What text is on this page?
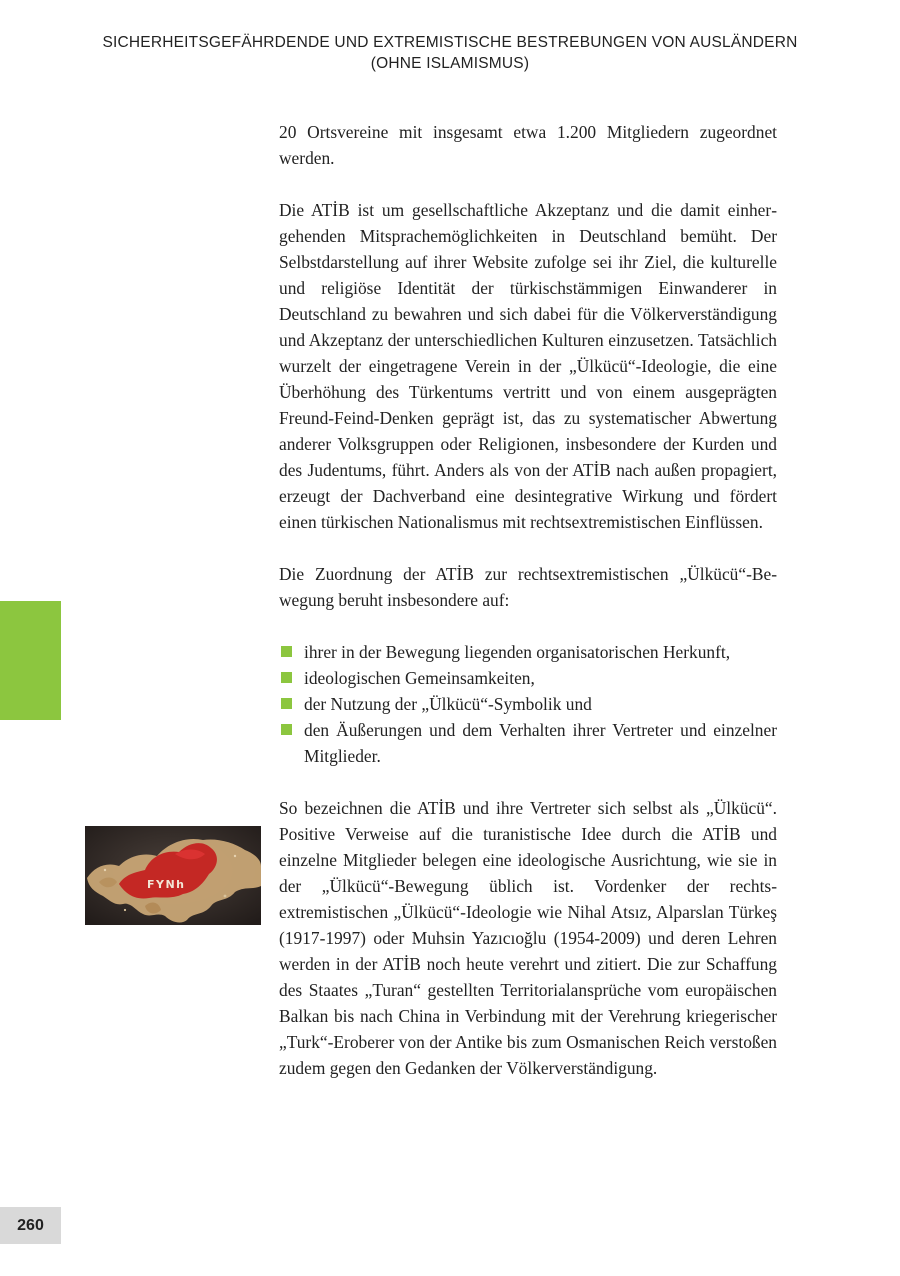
SICHERHEITSGEFÄHRDENDE UND EXTREMISTISCHE BESTREBUNGEN VON AUSLÄNDERN
(OHNE ISLAMISMUS)
FYNh

20 Ortsvereine mit insgesamt etwa 1.200 Mitgliedern zugeordnet werden.

Die ATİB ist um gesellschaftliche Akzeptanz und die damit einhergehenden Mitsprachemöglichkeiten in Deutschland bemüht. Der Selbstdarstellung auf ihrer Website zufolge sei ihr Ziel, die kulturelle und religiöse Identität der türkischstämmigen Einwanderer in Deutschland zu bewahren und sich dabei für die Völkerverständigung und Akzeptanz der unterschiedlichen Kulturen einzusetzen. Tatsächlich wurzelt der eingetragene Verein in der „Ülkücü“-Ideologie, die eine Überhöhung des Türkentums vertritt und von einem ausgeprägten Freund-Feind-Denken geprägt ist, das zu systematischer Abwertung anderer Volksgruppen oder Religionen, insbesondere der Kurden und des Judentums, führt. Anders als von der ATİB nach außen propagiert, erzeugt der Dachverband eine desintegrative Wirkung und fördert einen türkischen Nationalismus mit rechtsextremistischen Einflüssen.

Die Zuordnung der ATİB zur rechtsextremistischen „Ülkücü“-Bewegung beruht insbesondere auf:

ihrer in der Bewegung liegenden organisatorischen Herkunft,
ideologischen Gemeinsamkeiten,
der Nutzung der „Ülkücü“-Symbolik und
den Äußerungen und dem Verhalten ihrer Vertreter und einzelner Mitglieder.

So bezeichnen die ATİB und ihre Vertreter sich selbst als „Ülkücü“. Positive Verweise auf die turanistische Idee durch die ATİB und einzelne Mitglieder belegen eine ideologische Ausrichtung, wie sie in der „Ülkücü“-Bewegung üblich ist. Vordenker der rechtsextremistischen „Ülkücü“-Ideologie wie Nihal Atsız, Alparslan Türkeş (1917-1997) oder Muhsin Yazıcıoğlu (1954-2009) und deren Lehren werden in der ATİB noch heute verehrt und zitiert. Die zur Schaffung des Staates „Turan“ gestellten Territorialansprüche vom europäischen Balkan bis nach China in Verbindung mit der Verehrung kriegerischer „Turk“-Eroberer von der Antike bis zum Osmanischen Reich verstoßen zudem gegen den Gedanken der Völkerverständigung.

260
